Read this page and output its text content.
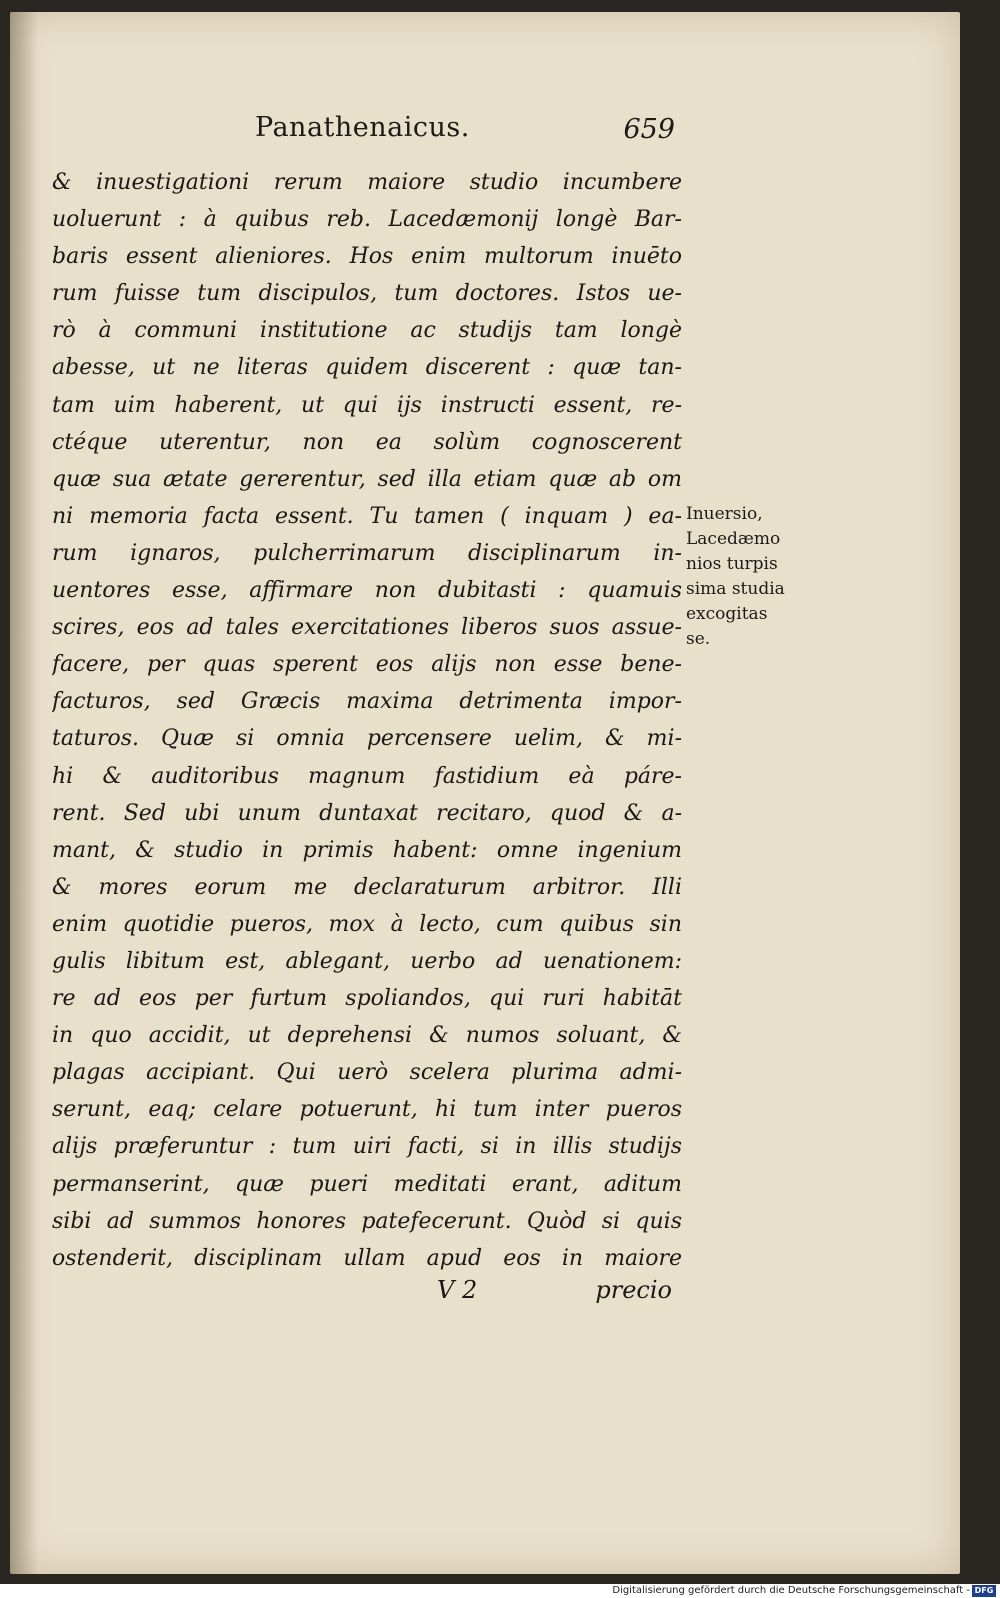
Panathenaicus.	659
& inuestigationi rerum maiore studio incumbere
uoluerunt : à quibus reb. Lacedæmonij longè Bar-
baris essent alieniores. Hos enim multorum inuēto
rum fuisse tum discipulos, tum doctores. Istos ue-
rò à communi institutione ac studijs tam longè
abesse, ut ne literas quidem discerent : quæ tan-
tam uim haberent, ut qui ijs instructi essent, re-
ctéque uterentur, non ea solùm cognoscerent
quæ sua ætate gererentur, sed illa etiam quæ ab om
ni memoria facta essent. Tu tamen ( inquam ) ea-
rum ignaros, pulcherrimarum disciplinarum in-
uentores esse, affirmare non dubitasti : quamuis
scires, eos ad tales exercitationes liberos suos assue-
facere, per quas sperent eos alijs non esse bene-
facturos, sed Græcis maxima detrimenta impor-
taturos. Quæ si omnia percensere uelim, & mi-
hi & auditoribus magnum fastidium eà páre-
rent. Sed ubi unum duntaxat recitaro, quod & a-
mant, & studio in primis habent: omne ingenium
& mores eorum me declaraturum arbitror. Illi
enim quotidie pueros, mox à lecto, cum quibus sin
gulis libitum est, ablegant, uerbo ad uenationem:
re ad eos per furtum spoliandos, qui ruri habitāt
in quo accidit, ut deprehensi & numos soluant, &
plagas accipiant. Qui uerò scelera plurima admi-
serunt, eaq; celare potuerunt, hi tum inter pueros
alijs præferuntur : tum uiri facti, si in illis studijs
permanserint, quæ pueri meditati erant, aditum
sibi ad summos honores patefecerunt. Quòd si quis
ostenderit, disciplinam ullam apud eos in maiore
V 2	precio
Inuersio,
Lacedæmo
nios turpis
sima studia
excogitas
se.
Digitalisierung gefördert durch die Deutsche Forschungsgemeinschaft - DFG
